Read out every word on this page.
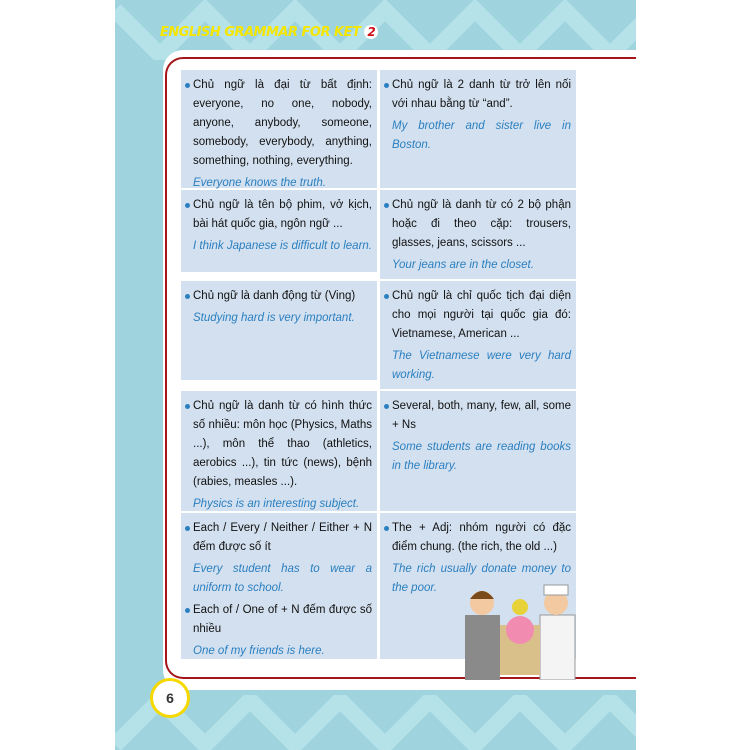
ENGLISH GRAMMAR FOR KET 2

Chủ ngữ là đại từ bất định: everyone, no one, nobody, anyone, anybody, someone, somebody, everybody, anything, something, nothing, everything.

Everyone knows the truth.

Chủ ngữ là 2 danh từ trở lên nối với nhau bằng từ “and”.

My brother and sister live in Boston.

Chủ ngữ là tên bộ phim, vở kịch, bài hát quốc gia, ngôn ngữ ...

I think Japanese is difficult to learn.

Chủ ngữ là danh từ có 2 bộ phận hoặc đi theo cặp: trousers, glasses, jeans, scissors ...

Your jeans are in the closet.

Chủ ngữ là danh động từ (Ving)

Studying hard is very important.

Chủ ngữ là chỉ quốc tịch đại diện cho mọi người tại quốc gia đó: Vietnamese, American ...

The Vietnamese were very hard working.

Chủ ngữ là danh từ có hình thức số nhiều: môn học (Physics, Maths ...), môn thể thao (athletics, aerobics ...), tin tức (news), bệnh (rabies, measles ...).

Physics is an interesting subject.

Several, both, many, few, all, some + Ns

Some students are reading books in the library.

Each / Every / Neither / Either + N đếm được số ít

Every student has to wear a uniform to school.

Each of / One of + N đếm được số nhiều

One of my friends is here.

The + Adj: nhóm người có đặc điểm chung. (the rich, the old ...)

The rich usually donate money to the poor.

6
